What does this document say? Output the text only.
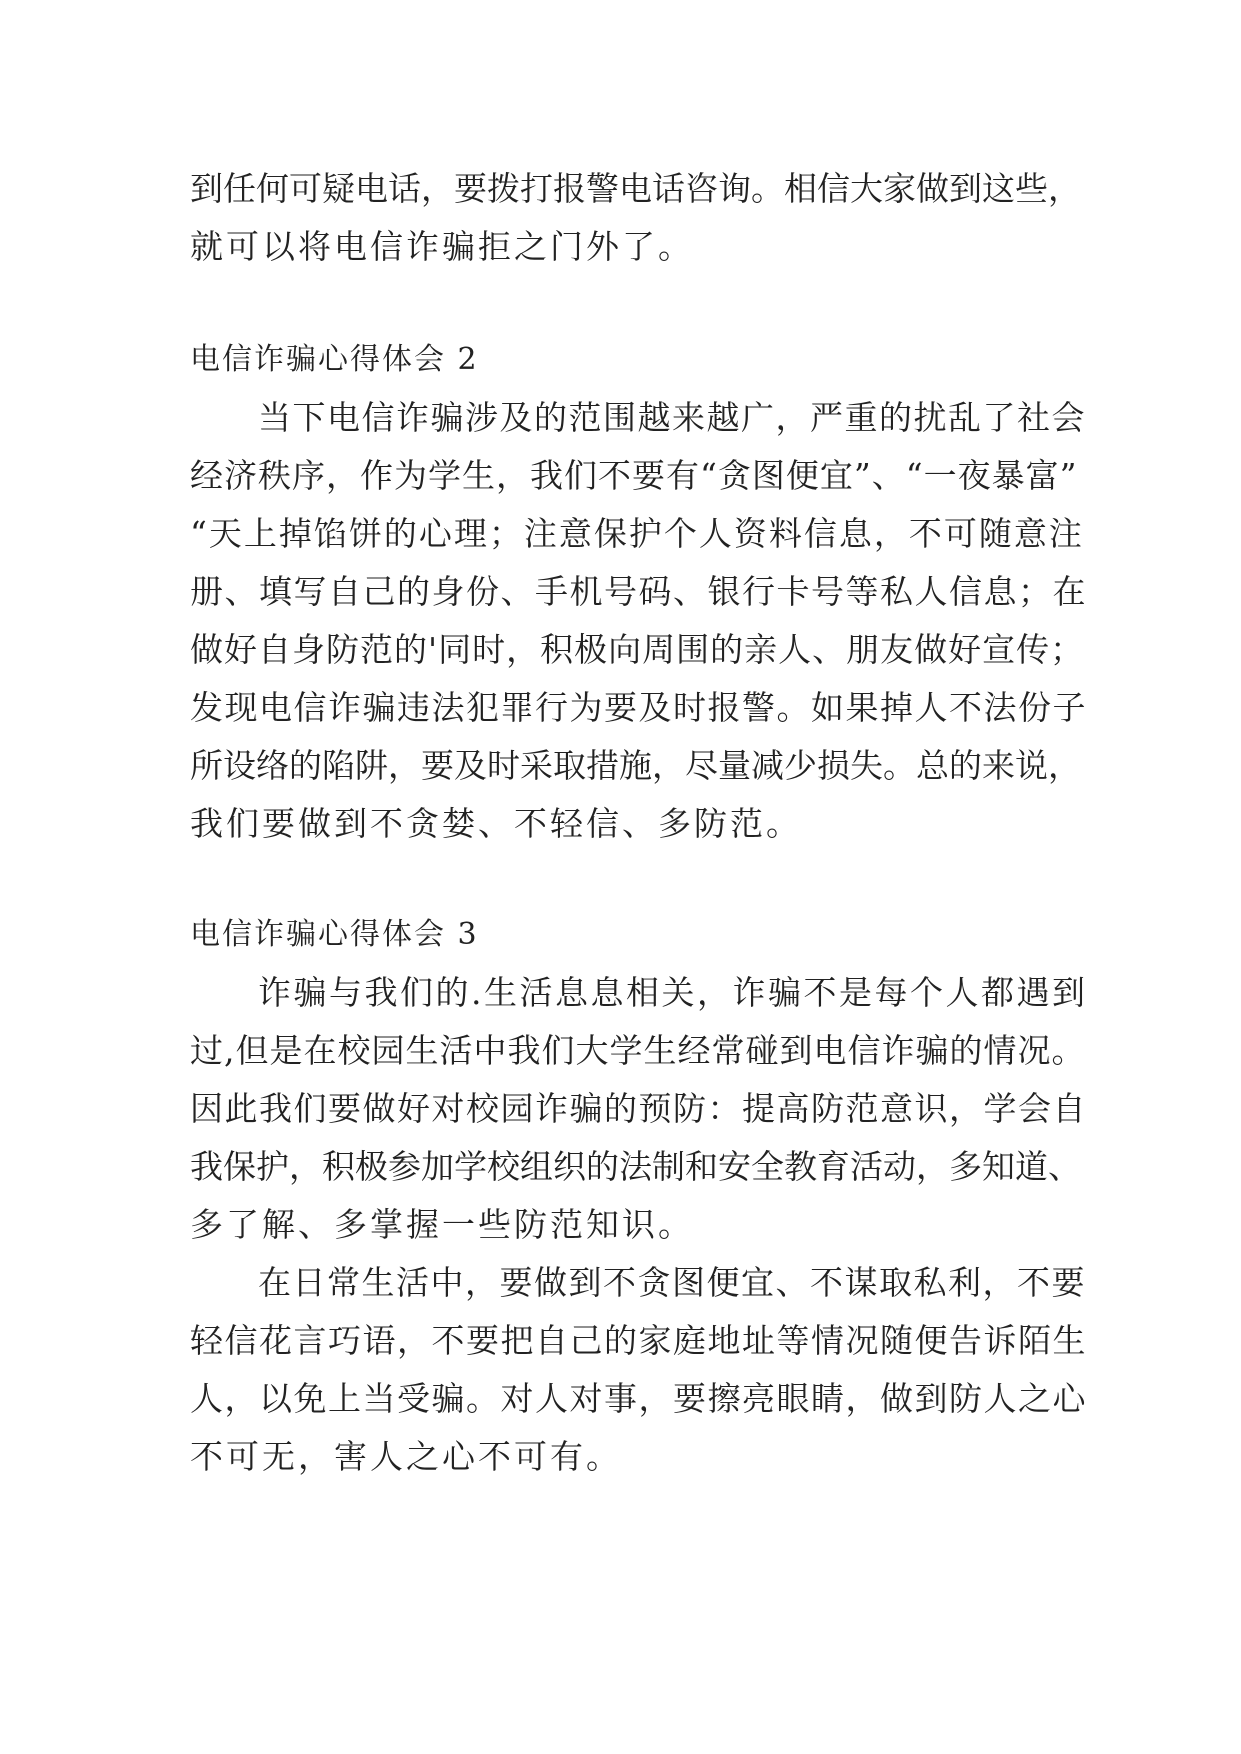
到任何可疑电话，要拨打报警电话咨询。相信大家做到这些，
就可以将电信诈骗拒之门外了。
电信诈骗心得体会 2
当下电信诈骗涉及的范围越来越广，严重的扰乱了社会
经济秩序，作为学生，我们不要有“贪图便宜”、“一夜暴富”
“天上掉馅饼的心理；注意保护个人资料信息，不可随意注
册、填写自己的身份、手机号码、银行卡号等私人信息；在
做好自身防范的'同时，积极向周围的亲人、朋友做好宣传；
发现电信诈骗违法犯罪行为要及时报警。如果掉人不法份子
所设络的陷阱，要及时采取措施，尽量减少损失。总的来说，
我们要做到不贪婪、不轻信、多防范。
电信诈骗心得体会 3
诈骗与我们的.生活息息相关，诈骗不是每个人都遇到
过,但是在校园生活中我们大学生经常碰到电信诈骗的情况。
因此我们要做好对校园诈骗的预防：提高防范意识，学会自
我保护，积极参加学校组织的法制和安全教育活动，多知道、
多了解、多掌握一些防范知识。
在日常生活中，要做到不贪图便宜、不谋取私利，不要
轻信花言巧语，不要把自己的家庭地址等情况随便告诉陌生
人，以免上当受骗。对人对事，要擦亮眼睛，做到防人之心
不可无，害人之心不可有。
